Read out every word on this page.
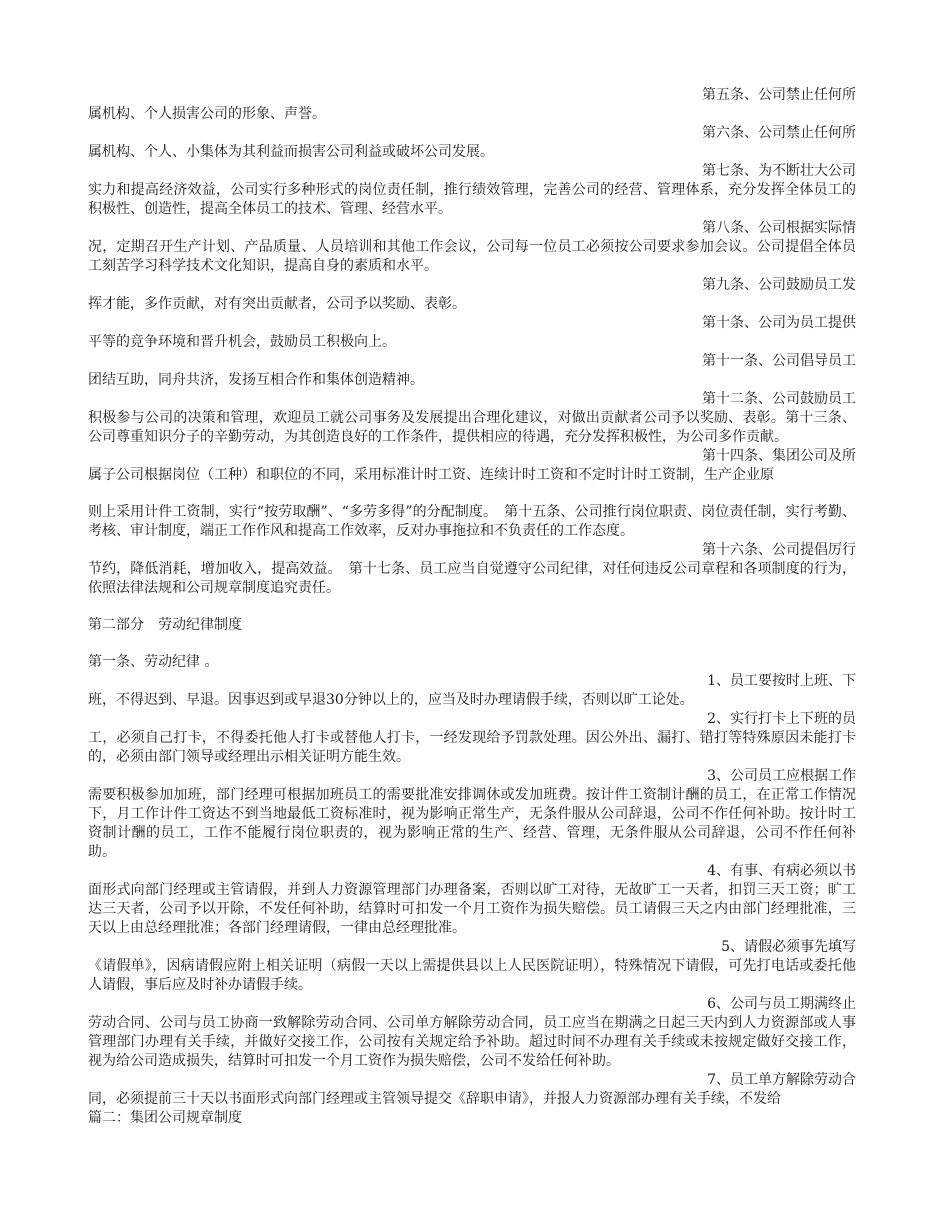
第五条、公司禁止任何所
属机构、个人损害公司的形象、声誉。
第六条、公司禁止任何所
属机构、个人、小集体为其利益而损害公司利益或破坏公司发展。
第七条、为不断壮大公司
实力和提高经济效益，公司实行多种形式的岗位责任制，推行绩效管理，完善公司的经营、管理体系，充分发挥全体员工的积极性、创造性，提高全体员工的技术、管理、经营水平。
第八条、公司根据实际情
况，定期召开生产计划、产品质量、人员培训和其他工作会议，公司每一位员工必须按公司要求参加会议。公司提倡全体员工刻苦学习科学技术文化知识，提高自身的素质和水平。
第九条、公司鼓励员工发
挥才能，多作贡献，对有突出贡献者，公司予以奖励、表彰。
第十条、公司为员工提供
平等的竞争环境和晋升机会，鼓励员工积极向上。
第十一条、公司倡导员工
团结互助，同舟共济，发扬互相合作和集体创造精神。
第十二条、公司鼓励员工
积极参与公司的决策和管理，欢迎员工就公司事务及发展提出合理化建议，对做出贡献者公司予以奖励、表彰。第十三条、公司尊重知识分子的辛勤劳动，为其创造良好的工作条件，提供相应的待遇，充分发挥积极性，为公司多作贡献。
第十四条、集团公司及所
属子公司根据岗位（工种）和职位的不同，采用标准计时工资、连续计时工资和不定时计时工资制，生产企业原
则上采用计件工资制，实行“按劳取酬”、“多劳多得”的分配制度。　第十五条、公司推行岗位职责、岗位责任制，实行考勤、考核、审计制度，端正工作作风和提高工作效率，反对办事拖拉和不负责任的工作态度。
第十六条、公司提倡厉行
节约，降低消耗，增加收入，提高效益。　第十七条、员工应当自觉遵守公司纪律，对任何违反公司章程和各项制度的行为，依照法律法规和公司规章制度追究责任。
第二部分　劳动纪律制度
第一条、劳动纪律 。
1、员工要按时上班、下
班，不得迟到、早退。因事迟到或早退30分钟以上的，应当及时办理请假手续，否则以旷工论处。
2、实行打卡上下班的员
工，必须自己打卡，不得委托他人打卡或替他人打卡，一经发现给予罚款处理。因公外出、漏打、错打等特殊原因未能打卡的，必须由部门领导或经理出示相关证明方能生效。
3、公司员工应根据工作
需要积极参加加班，部门经理可根据加班员工的需要批准安排调休或发加班费。按计件工资制计酬的员工，在正常工作情况下，月工作计件工资达不到当地最低工资标准时，视为影响正常生产，无条件服从公司辞退，公司不作任何补助。按计时工资制计酬的员工，工作不能履行岗位职责的，视为影响正常的生产、经营、管理，无条件服从公司辞退，公司不作任何补助。
4、有事、有病必须以书
面形式向部门经理或主管请假，并到人力资源管理部门办理备案，否则以旷工对待，无故旷工一天者，扣罚三天工资；旷工达三天者，公司予以开除，不发任何补助，结算时可扣发一个月工资作为损失赔偿。员工请假三天之内由部门经理批准，三天以上由总经理批准；各部门经理请假，一律由总经理批准。
5、请假必须事先填写
《请假单》，因病请假应附上相关证明（病假一天以上需提供县以上人民医院证明），特殊情况下请假，可先打电话或委托他人请假，事后应及时补办请假手续。
6、公司与员工期满终止
劳动合同、公司与员工协商一致解除劳动合同、公司单方解除劳动合同，员工应当在期满之日起三天内到人力资源部或人事管理部门办理有关手续，并做好交接工作，公司按有关规定给予补助。超过时间不办理有关手续或未按规定做好交接工作，视为给公司造成损失，结算时可扣发一个月工资作为损失赔偿，公司不发给任何补助。
7、员工单方解除劳动合
同，必须提前三十天以书面形式向部门经理或主管领导提交《辞职申请》，并报人力资源部办理有关手续，不发给
篇二：集团公司规章制度
